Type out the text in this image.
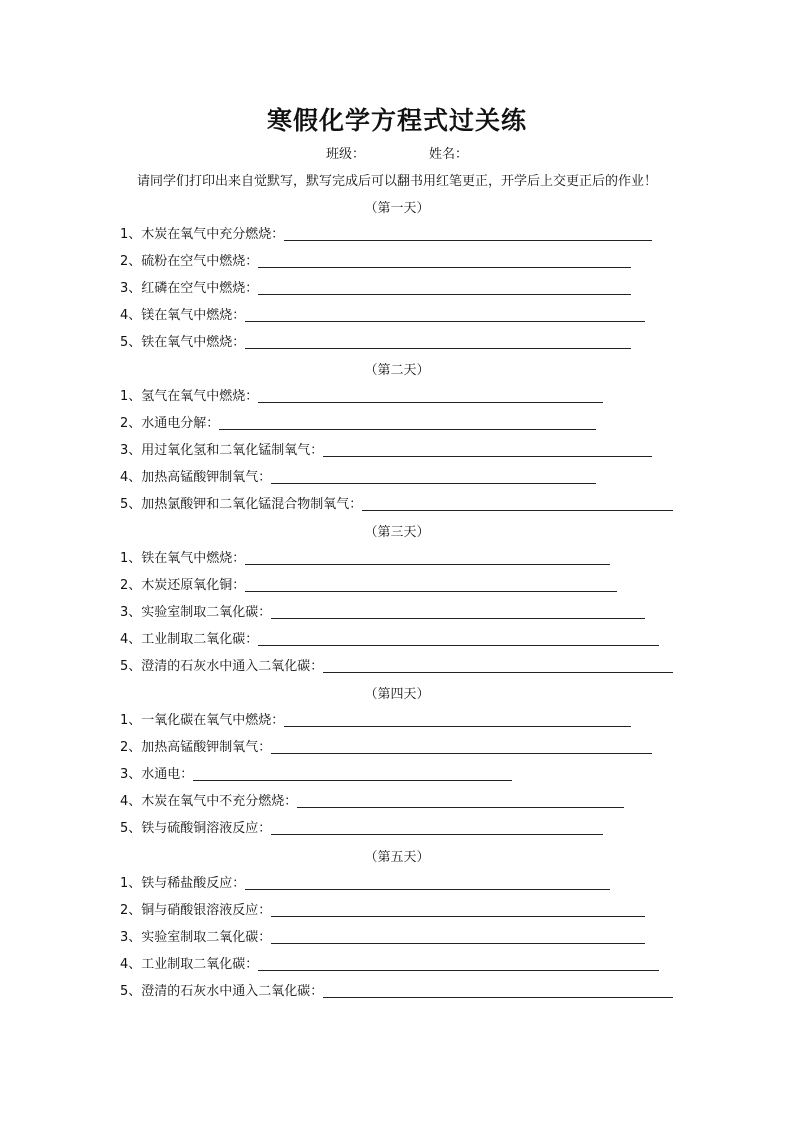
寒假化学方程式过关练
班级：	姓名：
请同学们打印出来自觉默写，默写完成后可以翻书用红笔更正，开学后上交更正后的作业！
（第一天）
1、 木炭在氧气中充分燃烧：
2、 硫粉在空气中燃烧：
3、 红磷在空气中燃烧：
4、 镁在氧气中燃烧：
5、 铁在氧气中燃烧：
（第二天）
1、 氢气在氧气中燃烧：
2、 水通电分解：
3、 用过氧化氢和二氧化锰制氧气：
4、 加热高锰酸钾制氧气：
5、 加热氯酸钾和二氧化锰混合物制氧气：
（第三天）
1、 铁在氧气中燃烧：
2、 木炭还原氧化铜：
3、 实验室制取二氧化碳：
4、 工业制取二氧化碳：
5、 澄清的石灰水中通入二氧化碳：
（第四天）
1、 一氧化碳在氧气中燃烧：
2、 加热高锰酸钾制氧气：
3、 水通电：
4、 木炭在氧气中不充分燃烧：
5、 铁与硫酸铜溶液反应：
（第五天）
1、 铁与稀盐酸反应：
2、 铜与硝酸银溶液反应：
3、 实验室制取二氧化碳：
4、 工业制取二氧化碳：
5、 澄清的石灰水中通入二氧化碳：
